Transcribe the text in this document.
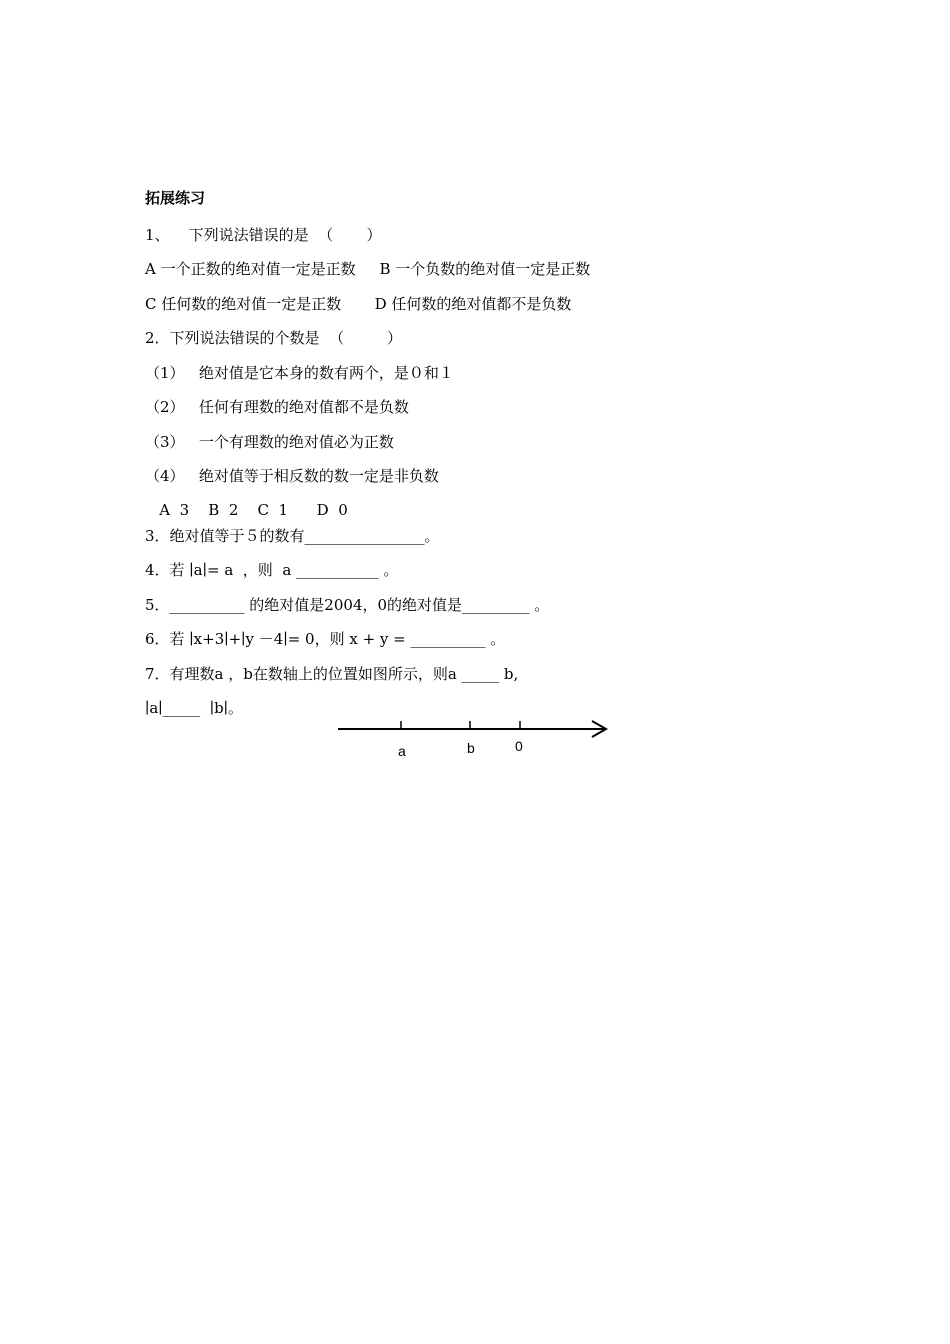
拓展练习
1、    下列说法错误的是  （       ）
A 一个正数的绝对值一定是正数     B 一个负数的绝对值一定是正数
C 任何数的绝对值一定是正数       D 任何数的绝对值都不是负数
2．下列说法错误的个数是  （         ）
（1）   绝对值是它本身的数有两个，是０和１
（2）   任何有理数的绝对值都不是负数
（3）   一个有理数的绝对值必为正数
（4）   绝对值等于相反数的数一定是非负数
A  3    B  2    C  1      D  0
3．绝对值等于５的数有________________。
4．若 ∣a∣= a  ，则  a ___________ 。
5．__________ 的绝对值是2004，0的绝对值是_________ 。
6．若 ∣x+3∣+∣y －4∣= 0，则 x + y = __________ 。
7．有理数a ，b在数轴上的位置如图所示，则a _____ b,
∣a∣_____  ∣b∣。
a	b	0
